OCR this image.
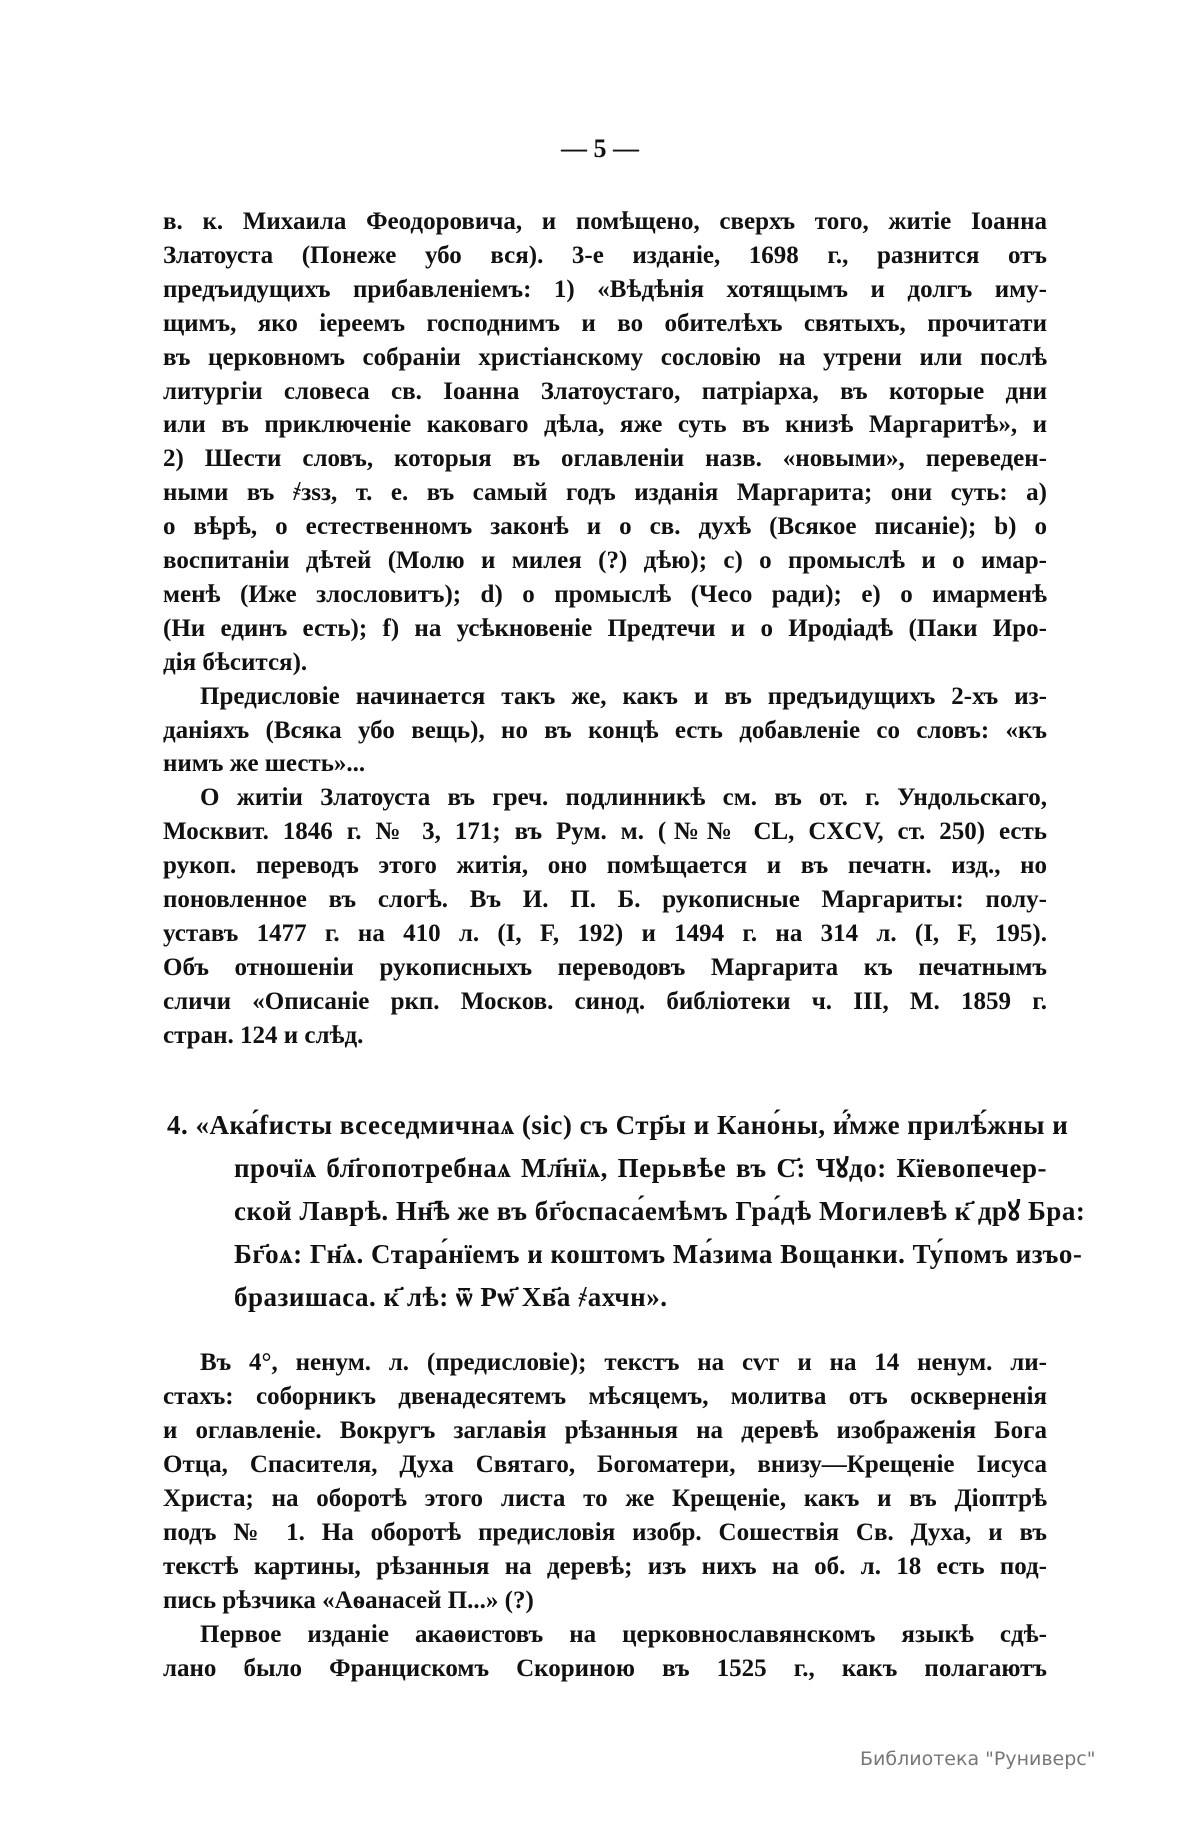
— 5 —
в. к. Михаила Феодоровича, и помѣщено, сверхъ того, житіе Іоанна
Златоуста (Понеже убо вся). 3-е изданіе, 1698 г., разнится отъ
предъидущихъ прибавленіемъ: 1) «Вѣдѣнія хотящымъ и долгъ иму-
щимъ, яко іереемъ господнимъ и во обителѣхъ святыхъ, прочитати
въ церковномъ собраніи христіанскому сословію на утрени или послѣ
литургіи словеса св. Іоанна Златоустаго, патріарха, въ которые дни
или въ приключеніе каковаго дѣла, яже суть въ книзѣ Маргаритѣ», и
2) Шести словъ, которыя въ оглавленіи назв. «новыми», переведен-
ными въ ҂зѕз, т. е. въ самый годъ изданія Маргарита; они суть: а)
о вѣрѣ, о естественномъ законѣ и о св. духѣ (Всякое писаніе); b) о
воспитаніи дѣтей (Молю и милея (?) дѣю); с) о промыслѣ и о имар-
менѣ (Иже злословитъ); d) о промыслѣ (Чесо ради); е) о имарменѣ
(Ни единъ есть); f) на усѣкновеніе Предтечи и о Иродіадѣ (Паки Иро-
дія бѣсится).
Предисловіе начинается такъ же, какъ и въ предъидущихъ 2-хъ из-
даніяхъ (Всяка убо вещь), но въ концѣ есть добавленіе со словъ: «къ
нимъ же шесть»...
О житіи Златоуста въ греч. подлинникѣ см. въ от. г. Ундольскаго,
Москвит. 1846 г. № 3, 171; въ Рум. м. (№№ CL, CXCV, ст. 250) есть
рукоп. переводъ этого житія, оно помѣщается и въ печатн. изд., но
поновленное въ слогѣ. Въ И. П. Б. рукописные Маргариты: полу-
уставъ 1477 г. на 410 л. (I, F, 192) и 1494 г. на 314 л. (I, F, 195).
Объ отношеніи рукописныхъ переводовъ Маргарита къ печатнымъ
сличи «Описаніе ркп. Москов. синод. библіотеки ч. III, М. 1859 г.
стран. 124 и слѣд.
4. «Ака́fисты всеседмичнаѧ (sic) съ Стр҃ы и Кано́ны, и҆́мже прилѣ́жны и
прочїѧ бл҃гопотребнаѧ Мл҃нїѧ, Перьвѣе въ С҃: Чꙋдо: Кїевопечер-
ской Лаврѣ. Нн҃ѣ же въ бг҃оспаса́емѣмъ Гра́дѣ Могилевѣ к҃ дрꙋ Бра:
Бг҃оѧ: Гн҃ѧ. Стара́нїемъ и коштомъ Ма́зима Вощанки. Ту́помъ изъо-
бразишаса. к҃ лѣ: ѿ Рѡ҃ Хв҃а ҂ахчн».
Въ 4°, ненум. л. (предисловіе); текстъ на сѵг и на 14 ненум. ли-
стахъ: соборникъ двенадесятемъ мѣсяцемъ, молитва отъ оскверненія
и оглавленіе. Вокругъ заглавія рѣзанныя на деревѣ изображенія Бога
Отца, Спасителя, Духа Святаго, Богоматери, внизу—Крещеніе Іисуса
Христа; на оборотѣ этого листа то же Крещеніе, какъ и въ Діоптрѣ
подъ № 1. На оборотѣ предисловія изобр. Сошествія Св. Духа, и въ
текстѣ картины, рѣзанныя на деревѣ; изъ нихъ на об. л. 18 есть под-
пись рѣзчика «Аѳанасей П...» (?)
Первое изданіе акаѳистовъ на церковнославянскомъ языкѣ сдѣ-
лано было Францискомъ Скориною въ 1525 г., какъ полагаютъ
Библиотека "Руниверс"
